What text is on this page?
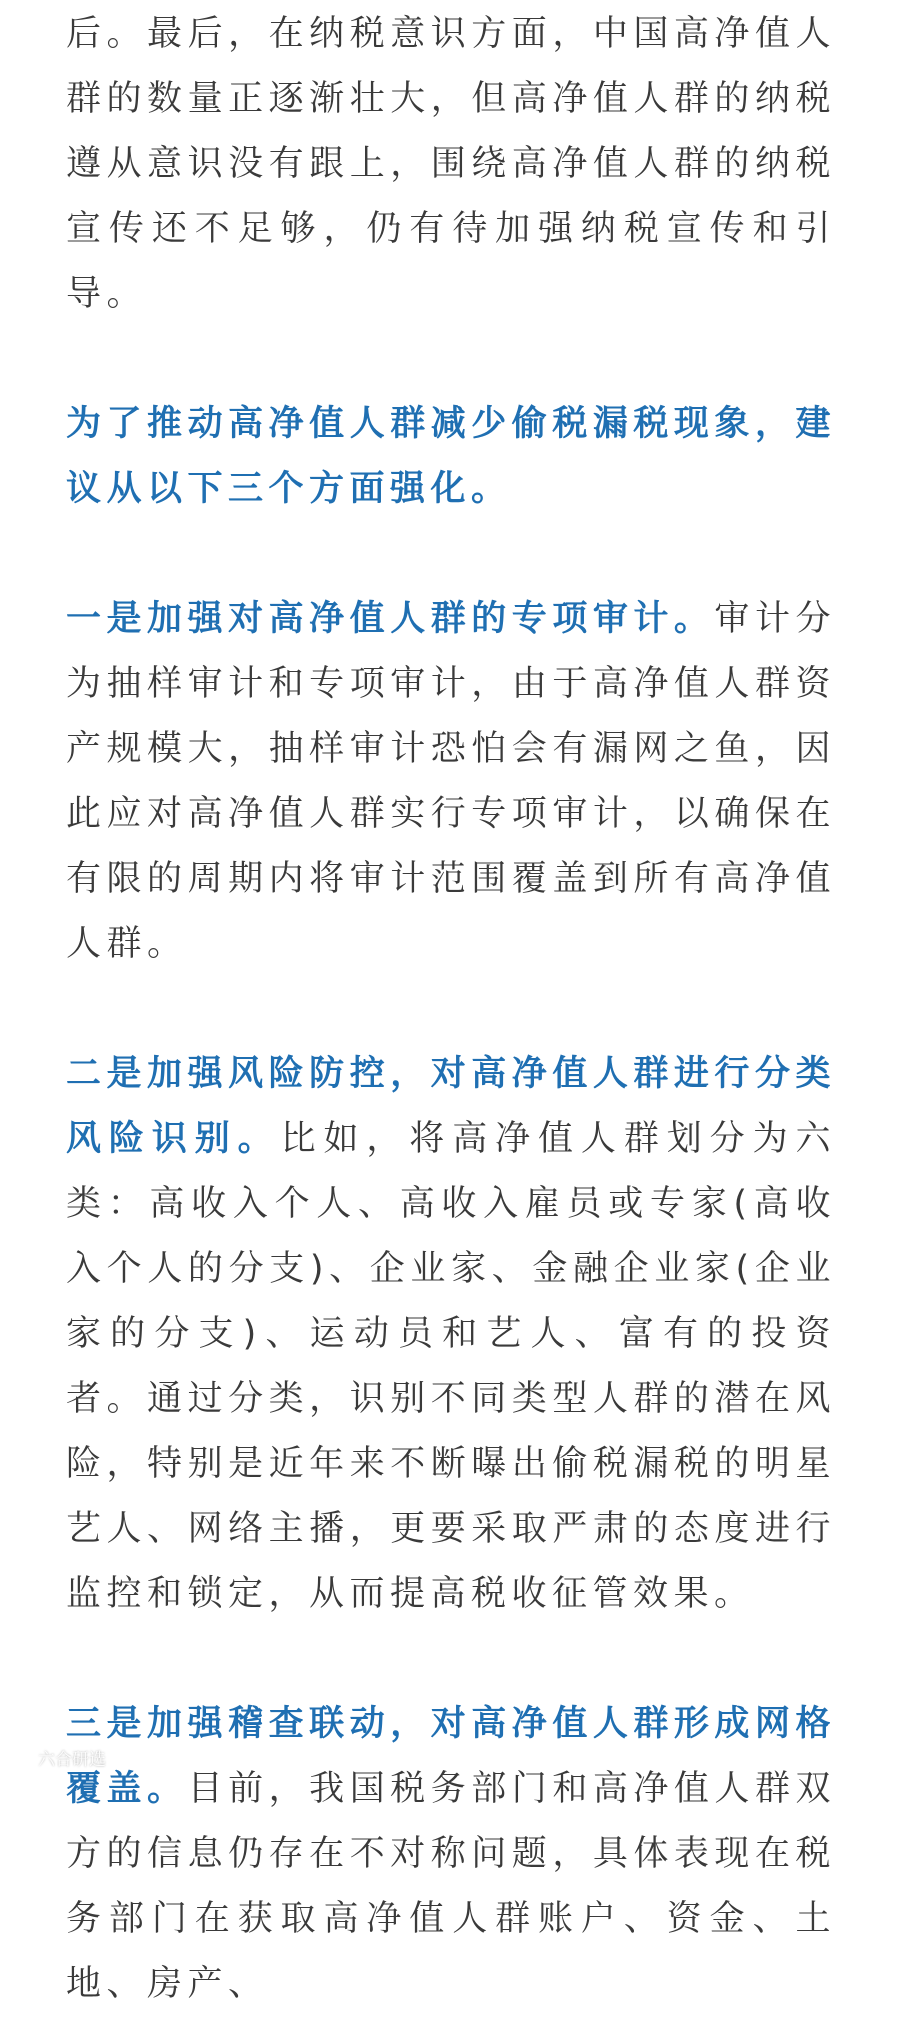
后。最后，在纳税意识方面，中国高净值人群的数量正逐渐壮大，但高净值人群的纳税遵从意识没有跟上，围绕高净值人群的纳税宣传还不足够，仍有待加强纳税宣传和引导。

为了推动高净值人群减少偷税漏税现象，建议从以下三个方面强化。

一是加强对高净值人群的专项审计。审计分为抽样审计和专项审计，由于高净值人群资产规模大，抽样审计恐怕会有漏网之鱼，因此应对高净值人群实行专项审计，以确保在有限的周期内将审计范围覆盖到所有高净值人群。

二是加强风险防控，对高净值人群进行分类风险识别。比如，将高净值人群划分为六类：高收入个人、高收入雇员或专家(高收入个人的分支)、企业家、金融企业家(企业家的分支)、运动员和艺人、富有的投资者。通过分类，识别不同类型人群的潜在风险，特别是近年来不断曝出偷税漏税的明星艺人、网络主播，更要采取严肃的态度进行监控和锁定，从而提高税收征管效果。

三是加强稽查联动，对高净值人群形成网格覆盖。目前，我国税务部门和高净值人群双方的信息仍存在不对称问题，具体表现在税务部门在获取高净值人群账户、资金、土地、房产、

六合研选
